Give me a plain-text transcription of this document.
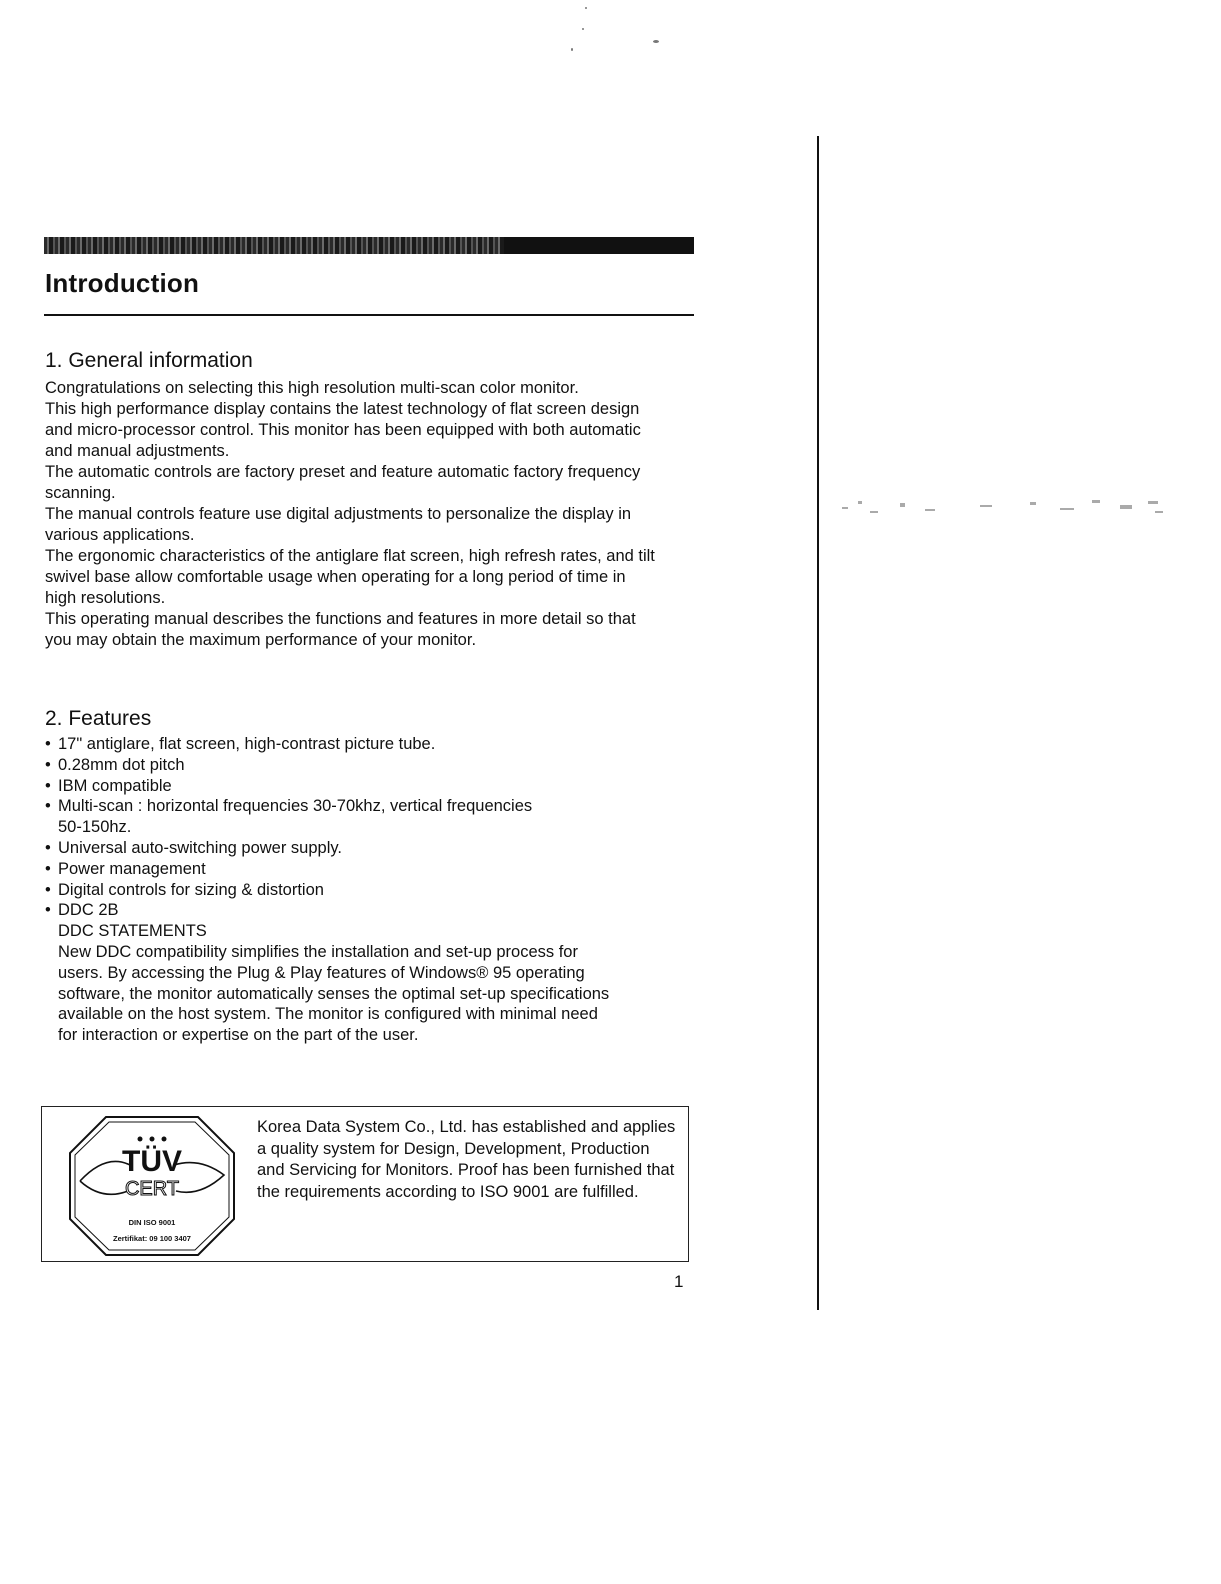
Introduction
1. General information

Congratulations on selecting this high resolution multi-scan color monitor.

This high performance display contains the latest technology of flat screen design and micro-processor control. This monitor has been equipped with both automatic and manual adjustments.

The automatic controls are factory preset and feature automatic factory frequency scanning.

The manual controls feature use digital adjustments to personalize the display in various applications.

The ergonomic characteristics of the antiglare flat screen, high refresh rates, and tilt swivel base allow comfortable usage when operating for a long period of time in high resolutions.

This operating manual describes the functions and features in more detail so that you may obtain the maximum performance of your monitor.

2. Features
• 17" antiglare, flat screen, high-contrast picture tube.
• 0.28mm dot pitch
• IBM compatible
• Multi-scan : horizontal frequencies 30-70khz, vertical frequencies 50-150hz.
• Universal auto-switching power supply.
• Power management
• Digital controls for sizing & distortion
• DDC 2B

DDC STATEMENTS

New DDC compatibility simplifies the installation and set-up process for users. By accessing the Plug & Play features of Windows® 95 operating software, the monitor automatically senses the optimal set-up specifications available on the host system. The monitor is configured with minimal need for interaction or expertise on the part of the user.

TÜV
CERT
DIN ISO 9001
Zertifikat: 09 100 3407

Korea Data System Co., Ltd. has established and applies a quality system for Design, Development, Production and Servicing for Monitors. Proof has been furnished that the requirements according to ISO 9001 are fulfilled.

1
